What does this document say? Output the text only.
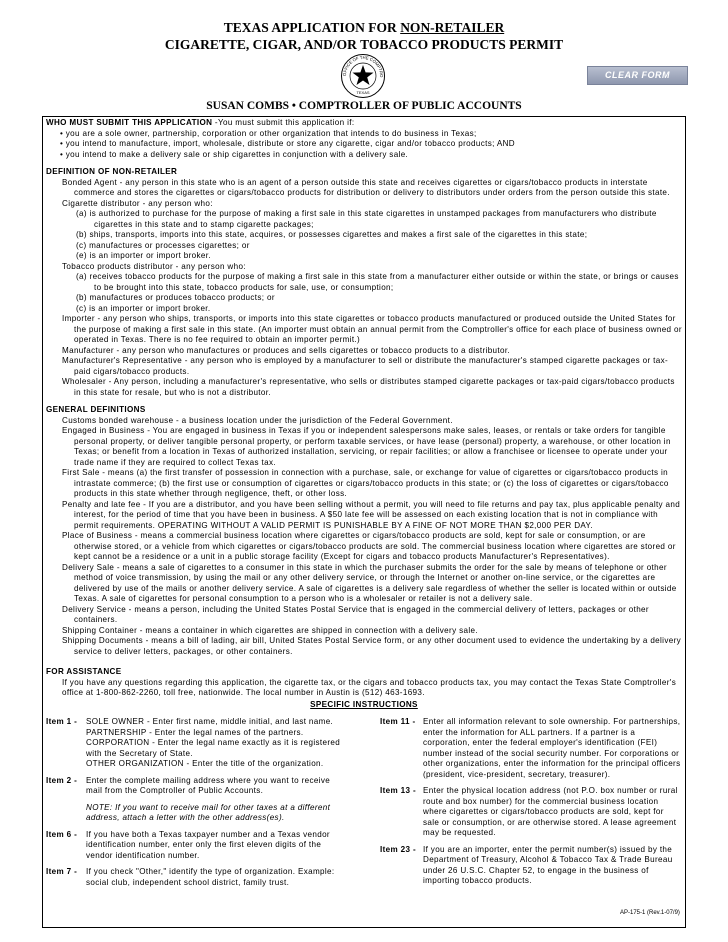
TEXAS APPLICATION FOR NON-RETAILER
CIGARETTE, CIGAR, AND/OR TOBACCO PRODUCTS PERMIT
OFFICE OF THE COMPTRO
TEXAS
CLEAR FORM
SUSAN COMBS • COMPTROLLER OF PUBLIC ACCOUNTS

WHO MUST SUBMIT THIS APPLICATION -You must submit this application if:

• you are a sole owner, partnership, corporation or other organization that intends to do business in Texas;

• you intend to manufacture, import, wholesale, distribute or store any cigarette, cigar and/or tobacco products; AND

• you intend to make a delivery sale or ship cigarettes in conjunction with a delivery sale.

DEFINITION OF NON-RETAILER

Bonded Agent - any person in this state who is an agent of a person outside this state and receives cigarettes or cigars/tobacco products in interstate commerce and stores the cigarettes or cigars/tobacco products for distribution or delivery to distributors under orders from the person outside this state.

Cigarette distributor - any person who:

(a) is authorized to purchase for the purpose of making a first sale in this state cigarettes in unstamped packages from manufacturers who distribute cigarettes in this state and to stamp cigarette packages;

(b) ships, transports, imports into this state, acquires, or possesses cigarettes and makes a first sale of the cigarettes in this state;

(c) manufactures or processes cigarettes; or

(e) is an importer or import broker.

Tobacco products distributor - any person who:

(a) receives tobacco products for the purpose of making a first sale in this state from a manufacturer either outside or within the state, or brings or causes to be brought into this state, tobacco products for sale, use, or consumption;

(b) manufactures or produces tobacco products; or

(c) is an importer or import broker.

Importer - any person who ships, transports, or imports into this state cigarettes or tobacco products manufactured or produced outside the United States for the purpose of making a first sale in this state. (An importer must obtain an annual permit from the Comptroller's office for each place of business owned or operated in Texas. There is no fee required to obtain an importer permit.)

Manufacturer - any person who manufactures or produces and sells cigarettes or tobacco products to a distributor.

Manufacturer's Representative - any person who is employed by a manufacturer to sell or distribute the manufacturer's stamped cigarette packages or tax-paid cigars/tobacco products.

Wholesaler - Any person, including a manufacturer's representative, who sells or distributes stamped cigarette packages or tax-paid cigars/tobacco products in this state for resale, but who is not a distributor.

GENERAL DEFINITIONS

Customs bonded warehouse - a business location under the jurisdiction of the Federal Government.

Engaged in Business - You are engaged in business in Texas if you or independent salespersons make sales, leases, or rentals or take orders for tangible personal property, or deliver tangible personal property, or perform taxable services, or have lease (personal) property, a warehouse, or other location in Texas; or benefit from a location in Texas of authorized installation, servicing, or repair facilities; or allow a franchisee or licensee to operate under your trade name if they are required to collect Texas tax.

First Sale - means (a) the first transfer of possession in connection with a purchase, sale, or exchange for value of cigarettes or cigars/tobacco products in intrastate commerce; (b) the first use or consumption of cigarettes or cigars/tobacco products in this state; or (c) the loss of cigarettes or cigars/tobacco products in this state whether through negligence, theft, or other loss.

Penalty and late fee - If you are a distributor, and you have been selling without a permit, you will need to file returns and pay tax, plus applicable penalty and interest, for the period of time that you have been in business. A $50 late fee will be assessed on each existing location that is not in compliance with permit requirements. OPERATING WITHOUT A VALID PERMIT IS PUNISHABLE BY A FINE OF NOT MORE THAN $2,000 PER DAY.

Place of Business - means a commercial business location where cigarettes or cigars/tobacco products are sold, kept for sale or consumption, or are otherwise stored, or a vehicle from which cigarettes or cigars/tobacco products are sold. The commercial business location where cigarettes are stored or kept cannot be a residence or a unit in a public storage facility (Except for cigars and tobacco products Manufacturer's Representatives).

Delivery Sale - means a sale of cigarettes to a consumer in this state in which the purchaser submits the order for the sale by means of telephone or other method of voice transmission, by using the mail or any other delivery service, or through the Internet or another on-line service, or the cigarettes are delivered by use of the mails or another delivery service. A sale of cigarettes is a delivery sale regardless of whether the seller is located within or outside Texas. A sale of cigarettes for personal consumption to a person who is a wholesaler or retailer is not a delivery sale.

Delivery Service - means a person, including the United States Postal Service that is engaged in the commercial delivery of letters, packages or other containers.

Shipping Container - means a container in which cigarettes are shipped in connection with a delivery sale.

Shipping Documents - means a bill of lading, air bill, United States Postal Service form, or any other document used to evidence the undertaking by a delivery service to deliver letters, packages, or other containers.

FOR ASSISTANCE

If you have any questions regarding this application, the cigarette tax, or the cigars and tobacco products tax, you may contact the Texas State Comptroller's office at 1-800-862-2260, toll free, nationwide. The local number in Austin is (512) 463-1693.

SPECIFIC INSTRUCTIONS
Item 1 -	SOLE OWNER - Enter first name, middle initial, and last name.

PARTNERSHIP - Enter the legal names of the partners.

CORPORATION - Enter the legal name exactly as it is registered with the Secretary of State.

OTHER ORGANIZATION - Enter the title of the organization.

Item 2 -	Enter the complete mailing address where you want to receive mail from the Comptroller of Public Accounts.

NOTE: If you want to receive mail for other taxes at a different address, attach a letter with the other address(es).

Item 6 -	If you have both a Texas taxpayer number and a Texas vendor identification number, enter only the first eleven digits of the vendor identification number.

Item 7 -	If you check "Other," identify the type of organization. Example: social club, independent school district, family trust.

Item 11 - Enter all information relevant to sole ownership. For partnerships, enter the information for ALL partners. If a partner is a corporation, enter the federal employer's identification (FEI) number instead of the social security number. For corporations or other organizations, enter the information for the principal officers (president, vice-president, secretary, treasurer).

Item 13 - Enter the physical location address (not P.O. box number or rural route and box number) for the commercial business location where cigarettes or cigars/tobacco products are sold, kept for sale or consumption, or are otherwise stored. A lease agreement may be requested.

Item 23 - If you are an importer, enter the permit number(s) issued by the Department of Treasury, Alcohol & Tobacco Tax & Trade Bureau under 26 U.S.C. Chapter 52, to engage in the business of importing tobacco products.

AP-175-1 (Rev.1-07/9)
